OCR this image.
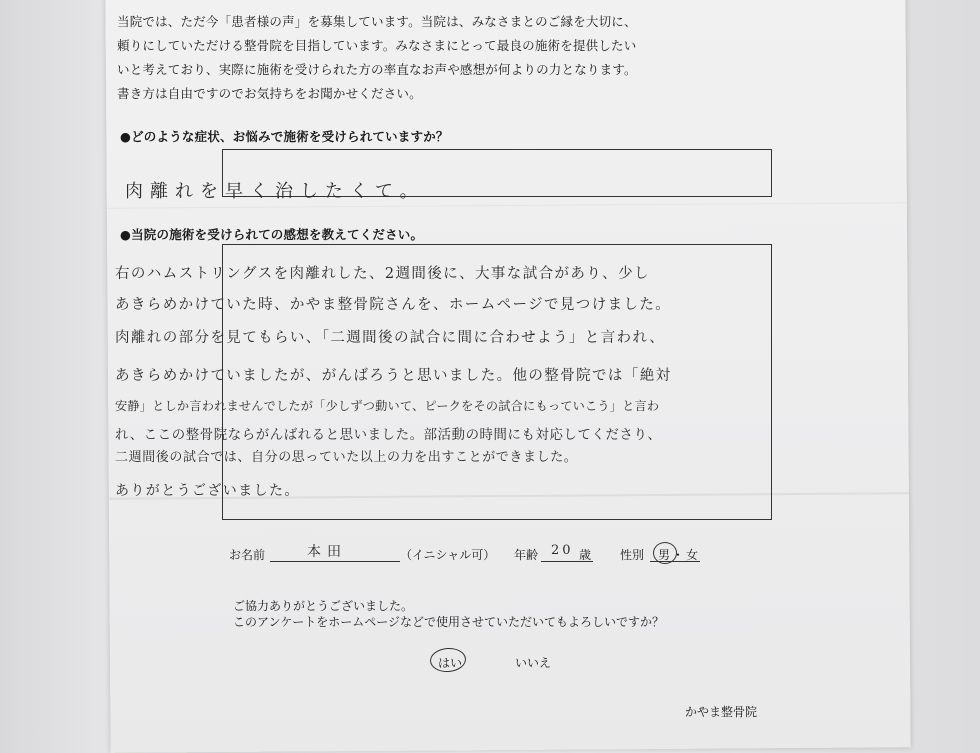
当院では、ただ今「患者様の声」を募集しています。当院は、みなさまとのご縁を大切に、
頼りにしていただける整骨院を目指しています。みなさまにとって最良の施術を提供したい
いと考えており、実際に施術を受けられた方の率直なお声や感想が何よりの力となります。
書き方は自由ですのでお気持ちをお聞かせください。
●どのような症状、お悩みで施術を受けられていますか？
肉離れを早く治したくて。
●当院の施術を受けられての感想を教えてください。
右のハムストリングスを肉離れした、2週間後に、大事な試合があり、少し
あきらめかけていた時、かやま整骨院さんを、ホームページで見つけました。
肉離れの部分を見てもらい、「二週間後の試合に間に合わせよう」と言われ、
あきらめかけていましたが、がんばろうと思いました。他の整骨院では「絶対
安静」としか言われませんでしたが「少しずつ動いて、ピークをその試合にもっていこう」と言わ
れ、ここの整骨院ならがんばれると思いました。部活動の時間にも対応してくださり、
二週間後の試合では、自分の思っていた以上の力を出すことができました。
ありがとうございました。
お名前	本田	（イニシャル可） 年齢 20 歳 性別 男 ・ 女
ご協力ありがとうございました。
このアンケートをホームページなどで使用させていただいてもよろしいですか？
はい	いいえ
かやま整骨院
